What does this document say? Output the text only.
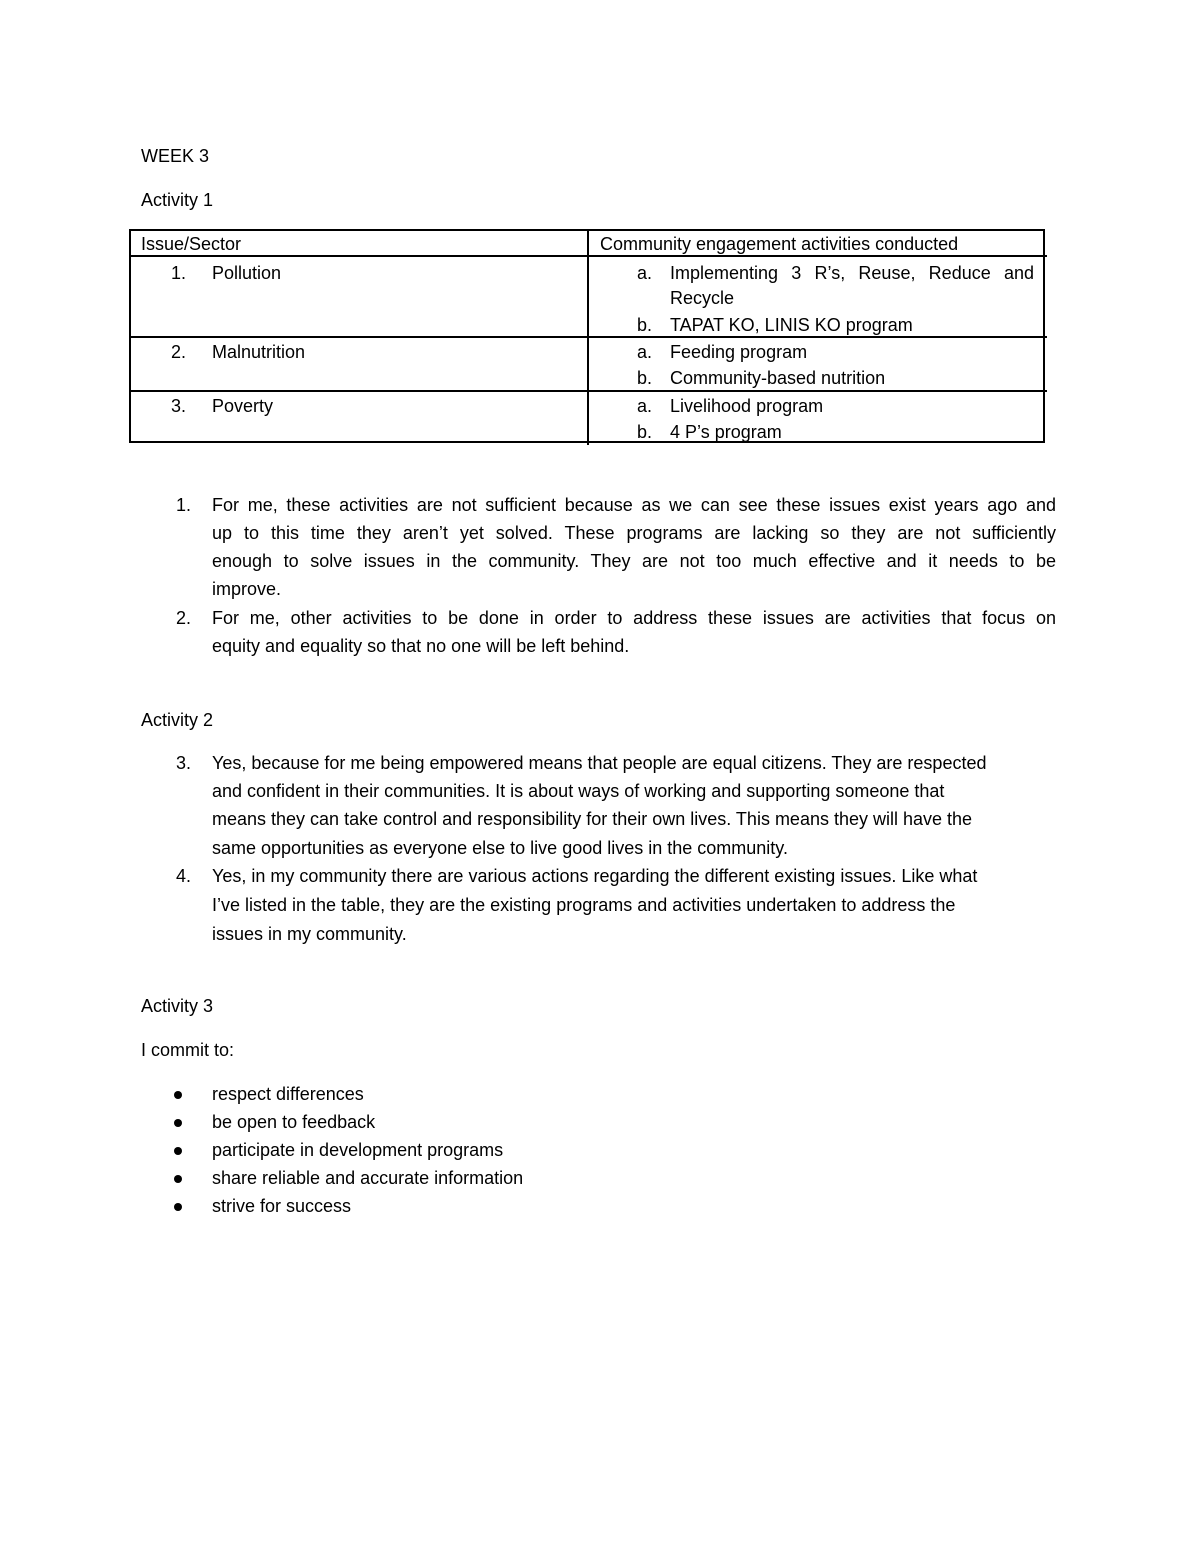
WEEK 3
Activity 1
Issue/Sector	Community engagement activities conducted
1. Pollution	a. Implementing 3 R’s, Reuse, Reduce and
Recycle
b. TAPAT KO, LINIS KO program
2. Malnutrition	a. Feeding program
b. Community-based nutrition
3. Poverty	a. Livelihood program
b. 4 P’s program
1. For me, these activities are not sufficient because as we can see these issues exist years ago and
up to this time they aren’t yet solved. These programs are lacking so they are not sufficiently
enough to solve issues in the community. They are not too much effective and it needs to be
improve.
2. For me, other activities to be done in order to address these issues are activities that focus on
equity and equality so that no one will be left behind.
Activity 2
3. Yes, because for me being empowered means that people are equal citizens. They are respected
and confident in their communities. It is about ways of working and supporting someone that
means they can take control and responsibility for their own lives. This means they will have the
same opportunities as everyone else to live good lives in the community.
4. Yes, in my community there are various actions regarding the different existing issues. Like what
I’ve listed in the table, they are the existing programs and activities undertaken to address the
issues in my community.
Activity 3
I commit to:
respect differences
be open to feedback
participate in development programs
share reliable and accurate information
strive for success
